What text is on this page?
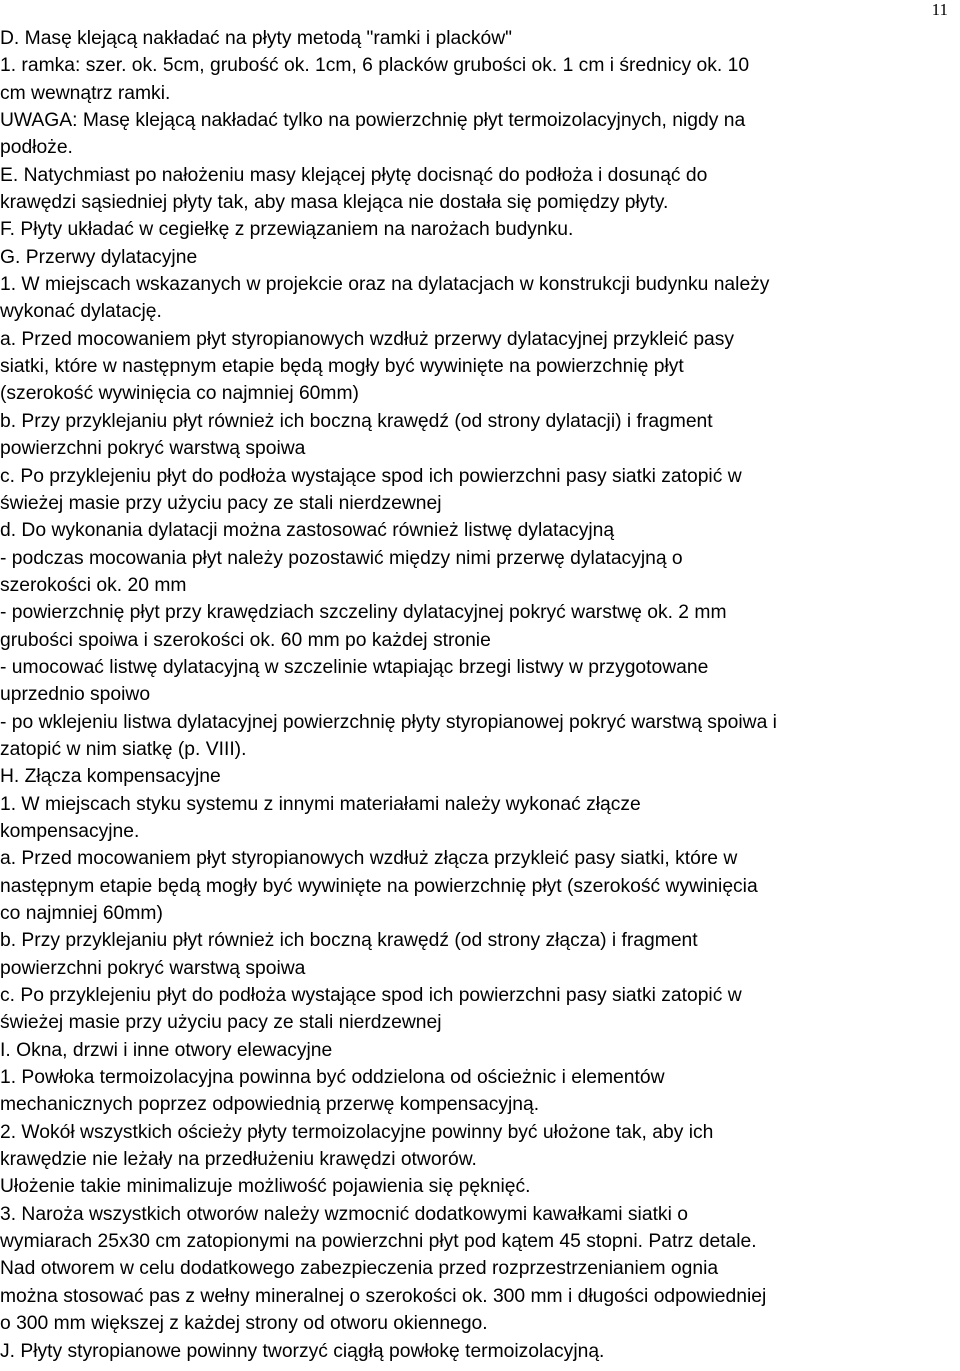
11
D. Masę klejącą nakładać na płyty metodą "ramki i placków"
1. ramka: szer. ok. 5cm, grubość ok. 1cm, 6 placków grubości ok. 1 cm i średnicy ok. 10
cm wewnątrz ramki.
UWAGA: Masę klejącą nakładać tylko na powierzchnię płyt termoizolacyjnych, nigdy na
podłoże.
E. Natychmiast po nałożeniu masy klejącej płytę docisnąć do podłoża i dosunąć do
krawędzi sąsiedniej płyty tak, aby masa klejąca nie dostała się pomiędzy płyty.
F. Płyty układać w cegiełkę z przewiązaniem na narożach budynku.
G. Przerwy dylatacyjne
1. W miejscach wskazanych w projekcie oraz na dylatacjach w konstrukcji budynku należy
wykonać dylatację.
a. Przed mocowaniem płyt styropianowych wzdłuż przerwy dylatacyjnej przykleić pasy
siatki, które w następnym etapie będą mogły być wywinięte na powierzchnię płyt
(szerokość wywinięcia co najmniej 60mm)
b. Przy przyklejaniu płyt również ich boczną krawędź (od strony dylatacji) i fragment
powierzchni pokryć warstwą spoiwa
c. Po przyklejeniu płyt do podłoża wystające spod ich powierzchni pasy siatki zatopić w
świeżej masie przy użyciu pacy ze stali nierdzewnej
d. Do wykonania dylatacji można zastosować również listwę dylatacyjną
- podczas mocowania płyt należy pozostawić między nimi przerwę dylatacyjną o
szerokości ok. 20 mm
- powierzchnię płyt przy krawędziach szczeliny dylatacyjnej pokryć warstwę ok. 2 mm
grubości spoiwa i szerokości ok. 60 mm po każdej stronie
- umocować listwę dylatacyjną w szczelinie wtapiając brzegi listwy w przygotowane
uprzednio spoiwo
- po wklejeniu listwa dylatacyjnej powierzchnię płyty styropianowej pokryć warstwą spoiwa i
zatopić w nim siatkę (p. VIII).
H. Złącza kompensacyjne
1. W miejscach styku systemu z innymi materiałami należy wykonać złącze
kompensacyjne.
a. Przed mocowaniem płyt styropianowych wzdłuż złącza przykleić pasy siatki, które w
następnym etapie będą mogły być wywinięte na powierzchnię płyt (szerokość wywinięcia
co najmniej 60mm)
b. Przy przyklejaniu płyt również ich boczną krawędź (od strony złącza) i fragment
powierzchni pokryć warstwą spoiwa
c. Po przyklejeniu płyt do podłoża wystające spod ich powierzchni pasy siatki zatopić w
świeżej masie przy użyciu pacy ze stali nierdzewnej
I. Okna, drzwi i inne otwory elewacyjne
1. Powłoka termoizolacyjna powinna być oddzielona od ościeżnic i elementów
mechanicznych poprzez odpowiednią przerwę kompensacyjną.
2. Wokół wszystkich ościeży płyty termoizolacyjne powinny być ułożone tak, aby ich
krawędzie nie leżały na przedłużeniu krawędzi otworów.
Ułożenie takie minimalizuje możliwość pojawienia się pęknięć.
3. Naroża wszystkich otworów należy wzmocnić dodatkowymi kawałkami siatki o
wymiarach 25x30 cm zatopionymi na powierzchni płyt pod kątem 45 stopni. Patrz detale.
Nad otworem w celu dodatkowego zabezpieczenia przed rozprzestrzenianiem ognia
można stosować pas z wełny mineralnej o szerokości ok. 300 mm i długości odpowiedniej
o 300 mm większej z każdej strony od otworu okiennego.
J. Płyty styropianowe powinny tworzyć ciągłą powłokę termoizolacyjną.
